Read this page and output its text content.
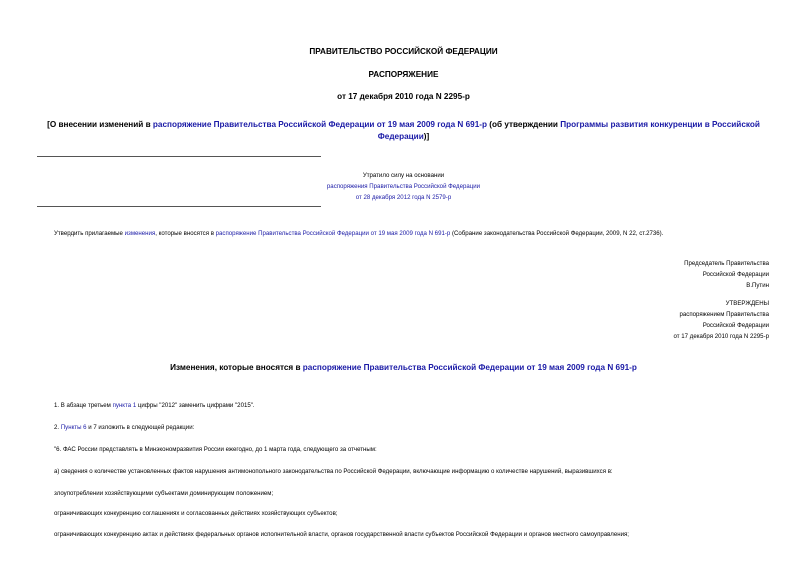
ПРАВИТЕЛЬСТВО РОССИЙСКОЙ ФЕДЕРАЦИИ
РАСПОРЯЖЕНИЕ
от 17 декабря 2010 года N 2295-р
[О внесении изменений в распоряжение Правительства Российской Федерации от 19 мая 2009 года N 691-р (об утверждении Программы развития конкуренции в Российской Федерации)]
Утратило силу на основании
распоряжения Правительства Российской Федерации
от 28 декабря 2012 года N 2579-р
Утвердить прилагаемые изменения, которые вносятся в распоряжение Правительства Российской Федерации от 19 мая 2009 года N 691-р (Собрание законодательства Российской Федерации, 2009, N 22, ст.2736).
Председатель Правительства
Российской Федерации
В.Путин
УТВЕРЖДЕНЫ
распоряжением Правительства
Российской Федерации
от 17 декабря 2010 года N 2295-р
Изменения, которые вносятся в распоряжение Правительства Российской Федерации от 19 мая 2009 года N 691-р
1. В абзаце третьем пункта 1 цифры "2012" заменить цифрами "2015".
2. Пункты 6 и 7 изложить в следующей редакции:
"6. ФАС России представлять в Минэкономразвития России ежегодно, до 1 марта года, следующего за отчетным:
а) сведения о количестве установленных фактов нарушения антимонопольного законодательства по Российской Федерации, включающие информацию о количестве нарушений, выразившихся в:
злоупотреблении хозяйствующими субъектами доминирующим положением;
ограничивающих конкуренцию соглашениях и согласованных действиях хозяйствующих субъектов;
ограничивающих конкуренцию актах и действиях федеральных органов исполнительной власти, органов государственной власти субъектов Российской Федерации и органов местного самоуправления;
